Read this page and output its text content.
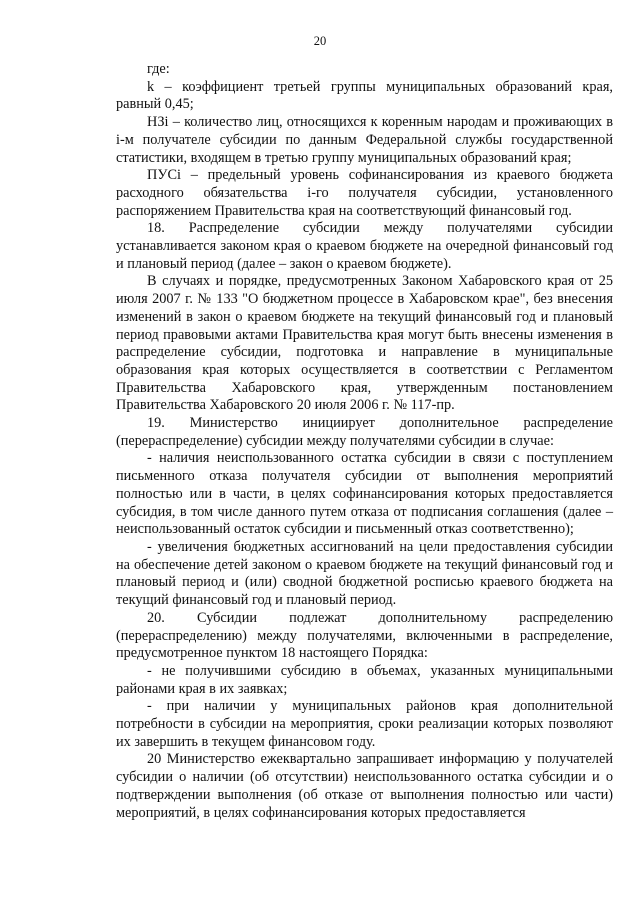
20

где:

k – коэффициент третьей группы муниципальных образований края, равный 0,45;

НЗi – количество лиц, относящихся к коренным народам и проживающих в i-м получателе субсидии по данным Федеральной службы государственной статистики, входящем в третью группу муниципальных образований края;

ПУСi – предельный уровень софинансирования из краевого бюджета расходного обязательства i-го получателя субсидии, установленного распоряжением Правительства края на соответствующий финансовый год.

18. Распределение субсидии между получателями субсидии устанавливается законом края о краевом бюджете на очередной финансовый год и плановый период (далее – закон о краевом бюджете).

В случаях и порядке, предусмотренных Законом Хабаровского края от 25 июля 2007 г. № 133 "О бюджетном процессе в Хабаровском крае", без внесения изменений в закон о краевом бюджете на текущий финансовый год и плановый период правовыми актами Правительства края могут быть внесены изменения в распределение субсидии, подготовка и направление в муниципальные образования края которых осуществляется в соответствии с Регламентом Правительства Хабаровского края, утвержденным постановлением Правительства Хабаровского 20 июля 2006 г. № 117-пр.

19. Министерство инициирует дополнительное распределение (перераспределение) субсидии между получателями субсидии в случае:

- наличия неиспользованного остатка субсидии в связи с поступлением письменного отказа получателя субсидии от выполнения мероприятий полностью или в части, в целях софинансирования которых предоставляется субсидия, в том числе данного путем отказа от подписания соглашения (далее – неиспользованный остаток субсидии и письменный отказ соответственно);

- увеличения бюджетных ассигнований на цели предоставления субсидии на обеспечение детей законом о краевом бюджете на текущий финансовый год и плановый период и (или) сводной бюджетной росписью краевого бюджета на текущий финансовый год и плановый период.

20. Субсидии подлежат дополнительному распределению (перераспределению) между получателями, включенными в распределение, предусмотренное пунктом 18 настоящего Порядка:

- не получившими субсидию в объемах, указанных муниципальными районами края в их заявках;

- при наличии у муниципальных районов края дополнительной потребности в субсидии на мероприятия, сроки реализации которых позволяют их завершить в текущем финансовом году.

20 Министерство ежеквартально запрашивает информацию у получателей субсидии о наличии (об отсутствии) неиспользованного остатка субсидии и о подтверждении выполнения (об отказе от выполнения полностью или части) мероприятий, в целях софинансирования которых предоставляется
